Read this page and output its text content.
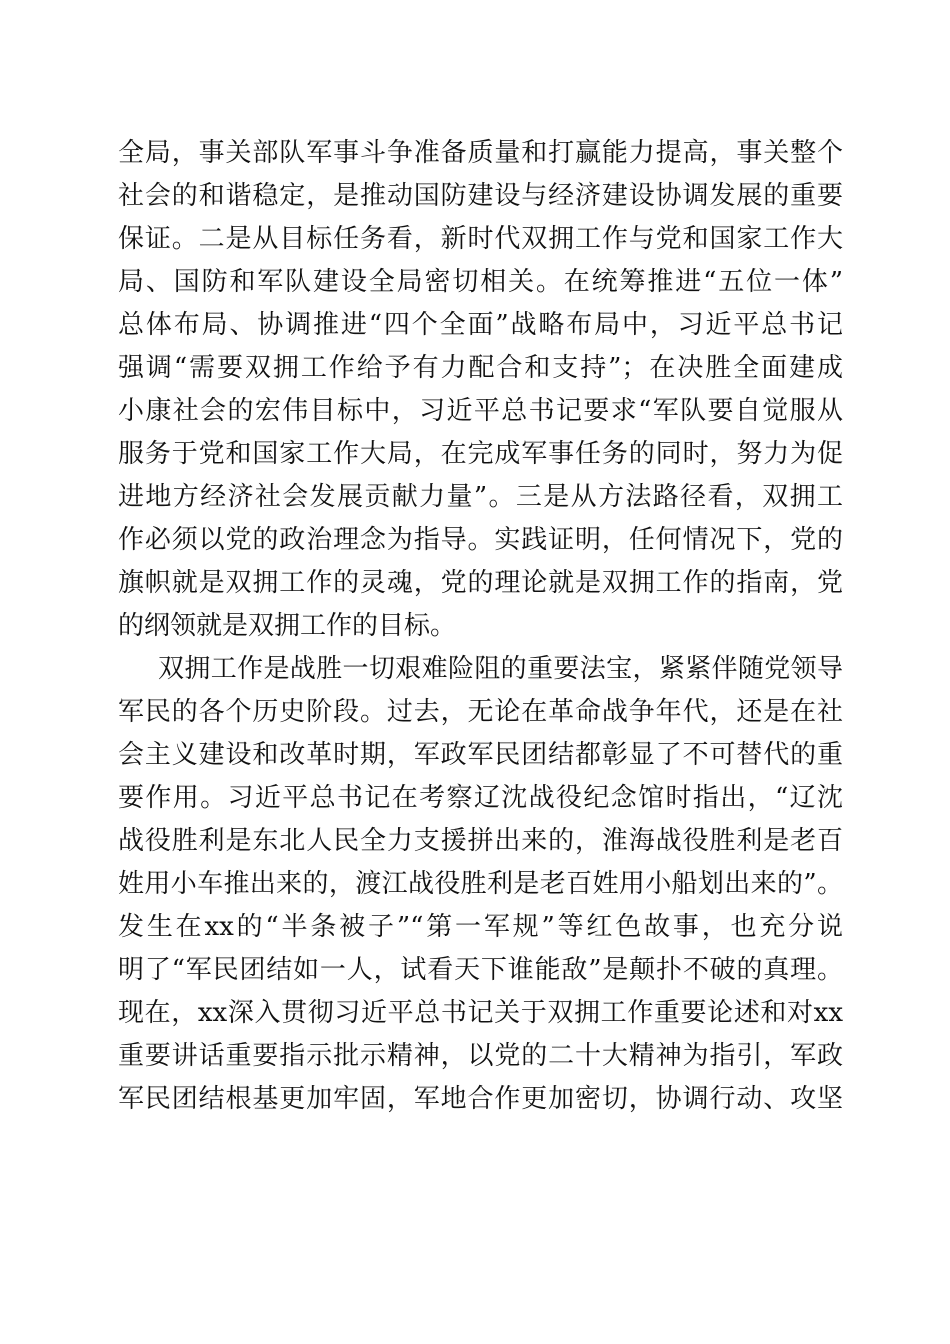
全局，事关部队军事斗争准备质量和打赢能力提高，事关整个
社会的和谐稳定，是推动国防建设与经济建设协调发展的重要
保证。二是从目标任务看，新时代双拥工作与党和国家工作大
局、国防和军队建设全局密切相关。在统筹推进“五位一体”
总体布局、协调推进“四个全面”战略布局中，习近平总书记
强调“需要双拥工作给予有力配合和支持”；在决胜全面建成
小康社会的宏伟目标中，习近平总书记要求“军队要自觉服从
服务于党和国家工作大局，在完成军事任务的同时，努力为促
进地方经济社会发展贡献力量”。三是从方法路径看，双拥工
作必须以党的政治理念为指导。实践证明，任何情况下，党的
旗帜就是双拥工作的灵魂，党的理论就是双拥工作的指南，党
的纲领就是双拥工作的目标。
双拥工作是战胜一切艰难险阻的重要法宝，紧紧伴随党领导
军民的各个历史阶段。过去，无论在革命战争年代，还是在社
会主义建设和改革时期，军政军民团结都彰显了不可替代的重
要作用。习近平总书记在考察辽沈战役纪念馆时指出，“辽沈
战役胜利是东北人民全力支援拼出来的，淮海战役胜利是老百
姓用小车推出来的，渡江战役胜利是老百姓用小船划出来的”。
发生在xx的“半条被子”“第一军规”等红色故事，也充分说
明了“军民团结如一人，试看天下谁能敌”是颠扑不破的真理。
现在，xx深入贯彻习近平总书记关于双拥工作重要论述和对xx
重要讲话重要指示批示精神，以党的二十大精神为指引，军政
军民团结根基更加牢固，军地合作更加密切，协调行动、攻坚
